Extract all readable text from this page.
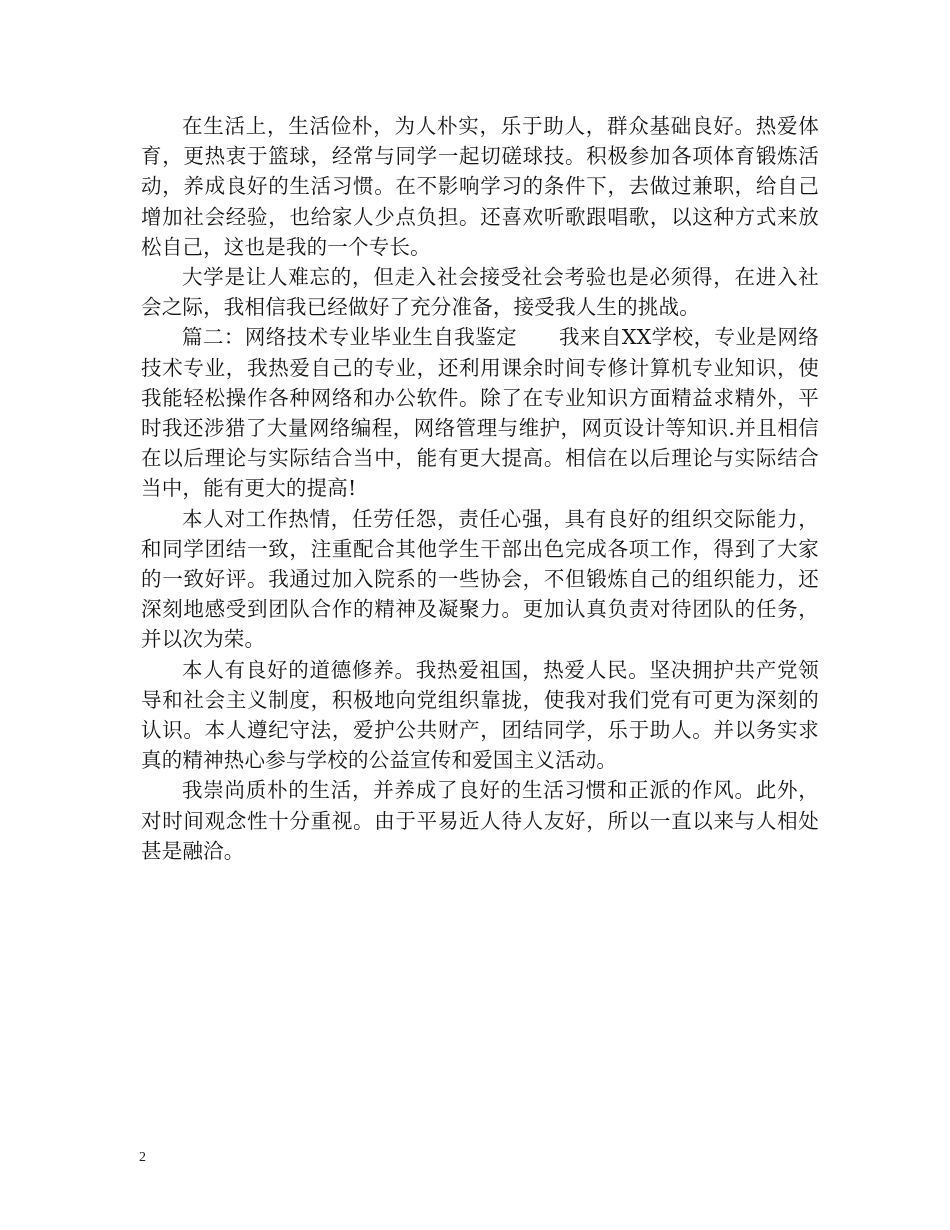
在生活上，生活俭朴，为人朴实，乐于助人，群众基础良好。热爱体育，更热衷于篮球，经常与同学一起切磋球技。积极参加各项体育锻炼活动，养成良好的生活习惯。在不影响学习的条件下，去做过兼职，给自己增加社会经验，也给家人少点负担。还喜欢听歌跟唱歌，以这种方式来放松自己，这也是我的一个专长。

大学是让人难忘的，但走入社会接受社会考验也是必须得，在进入社会之际，我相信我已经做好了充分准备，接受我人生的挑战。

篇二：网络技术专业毕业生自我鉴定　　我来自XX学校，专业是网络技术专业，我热爱自己的专业，还利用课余时间专修计算机专业知识，使我能轻松操作各种网络和办公软件。除了在专业知识方面精益求精外，平时我还涉猎了大量网络编程，网络管理与维护，网页设计等知识.并且相信在以后理论与实际结合当中，能有更大提高。相信在以后理论与实际结合当中，能有更大的提高!

本人对工作热情，任劳任怨，责任心强，具有良好的组织交际能力，和同学团结一致，注重配合其他学生干部出色完成各项工作，得到了大家的一致好评。我通过加入院系的一些协会，不但锻炼自己的组织能力，还深刻地感受到团队合作的精神及凝聚力。更加认真负责对待团队的任务，并以次为荣。

本人有良好的道德修养。我热爱祖国，热爱人民。坚决拥护共产党领导和社会主义制度，积极地向党组织靠拢，使我对我们党有可更为深刻的认识。本人遵纪守法，爱护公共财产，团结同学，乐于助人。并以务实求真的精神热心参与学校的公益宣传和爱国主义活动。

我崇尚质朴的生活，并养成了良好的生活习惯和正派的作风。此外，对时间观念性十分重视。由于平易近人待人友好，所以一直以来与人相处甚是融洽。

2
